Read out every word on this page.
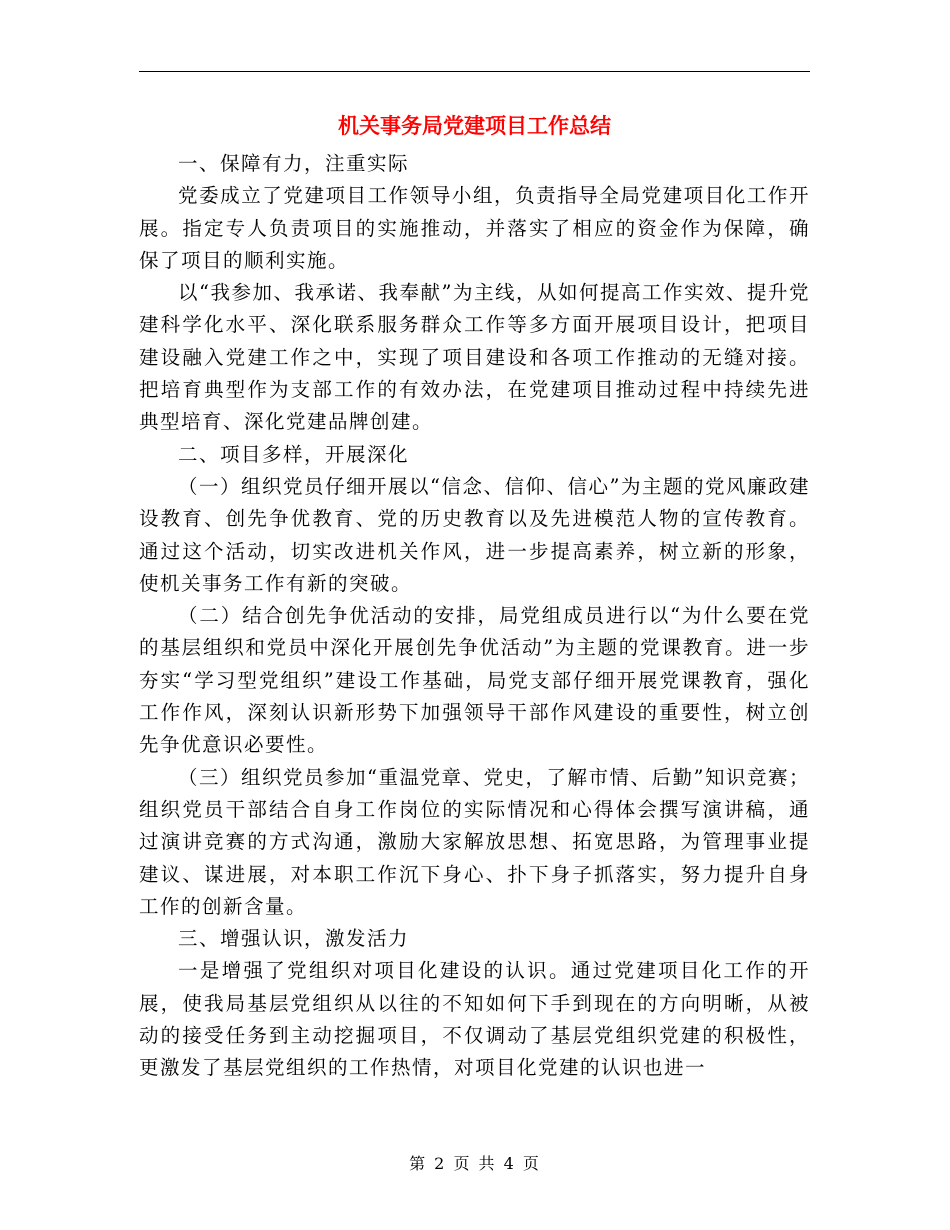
机关事务局党建项目工作总结

一、保障有力，注重实际

党委成立了党建项目工作领导小组，负责指导全局党建项目化工作开展。指定专人负责项目的实施推动，并落实了相应的资金作为保障，确保了项目的顺利实施。

以“我参加、我承诺、我奉献”为主线，从如何提高工作实效、提升党建科学化水平、深化联系服务群众工作等多方面开展项目设计，把项目建设融入党建工作之中，实现了项目建设和各项工作推动的无缝对接。把培育典型作为支部工作的有效办法，在党建项目推动过程中持续先进典型培育、深化党建品牌创建。

二、项目多样，开展深化

（一）组织党员仔细开展以“信念、信仰、信心”为主题的党风廉政建设教育、创先争优教育、党的历史教育以及先进模范人物的宣传教育。通过这个活动，切实改进机关作风，进一步提高素养，树立新的形象，使机关事务工作有新的突破。

（二）结合创先争优活动的安排，局党组成员进行以“为什么要在党的基层组织和党员中深化开展创先争优活动”为主题的党课教育。进一步夯实“学习型党组织”建设工作基础，局党支部仔细开展党课教育，强化工作作风，深刻认识新形势下加强领导干部作风建设的重要性，树立创先争优意识必要性。

（三）组织党员参加“重温党章、党史，了解市情、后勤”知识竞赛；组织党员干部结合自身工作岗位的实际情况和心得体会撰写演讲稿，通过演讲竞赛的方式沟通，激励大家解放思想、拓宽思路，为管理事业提建议、谋进展，对本职工作沉下身心、扑下身子抓落实，努力提升自身工作的创新含量。

三、增强认识，激发活力

一是增强了党组织对项目化建设的认识。通过党建项目化工作的开展，使我局基层党组织从以往的不知如何下手到现在的方向明晰，从被动的接受任务到主动挖掘项目，不仅调动了基层党组织党建的积极性，更激发了基层党组织的工作热情，对项目化党建的认识也进一

第 2 页 共 4 页
